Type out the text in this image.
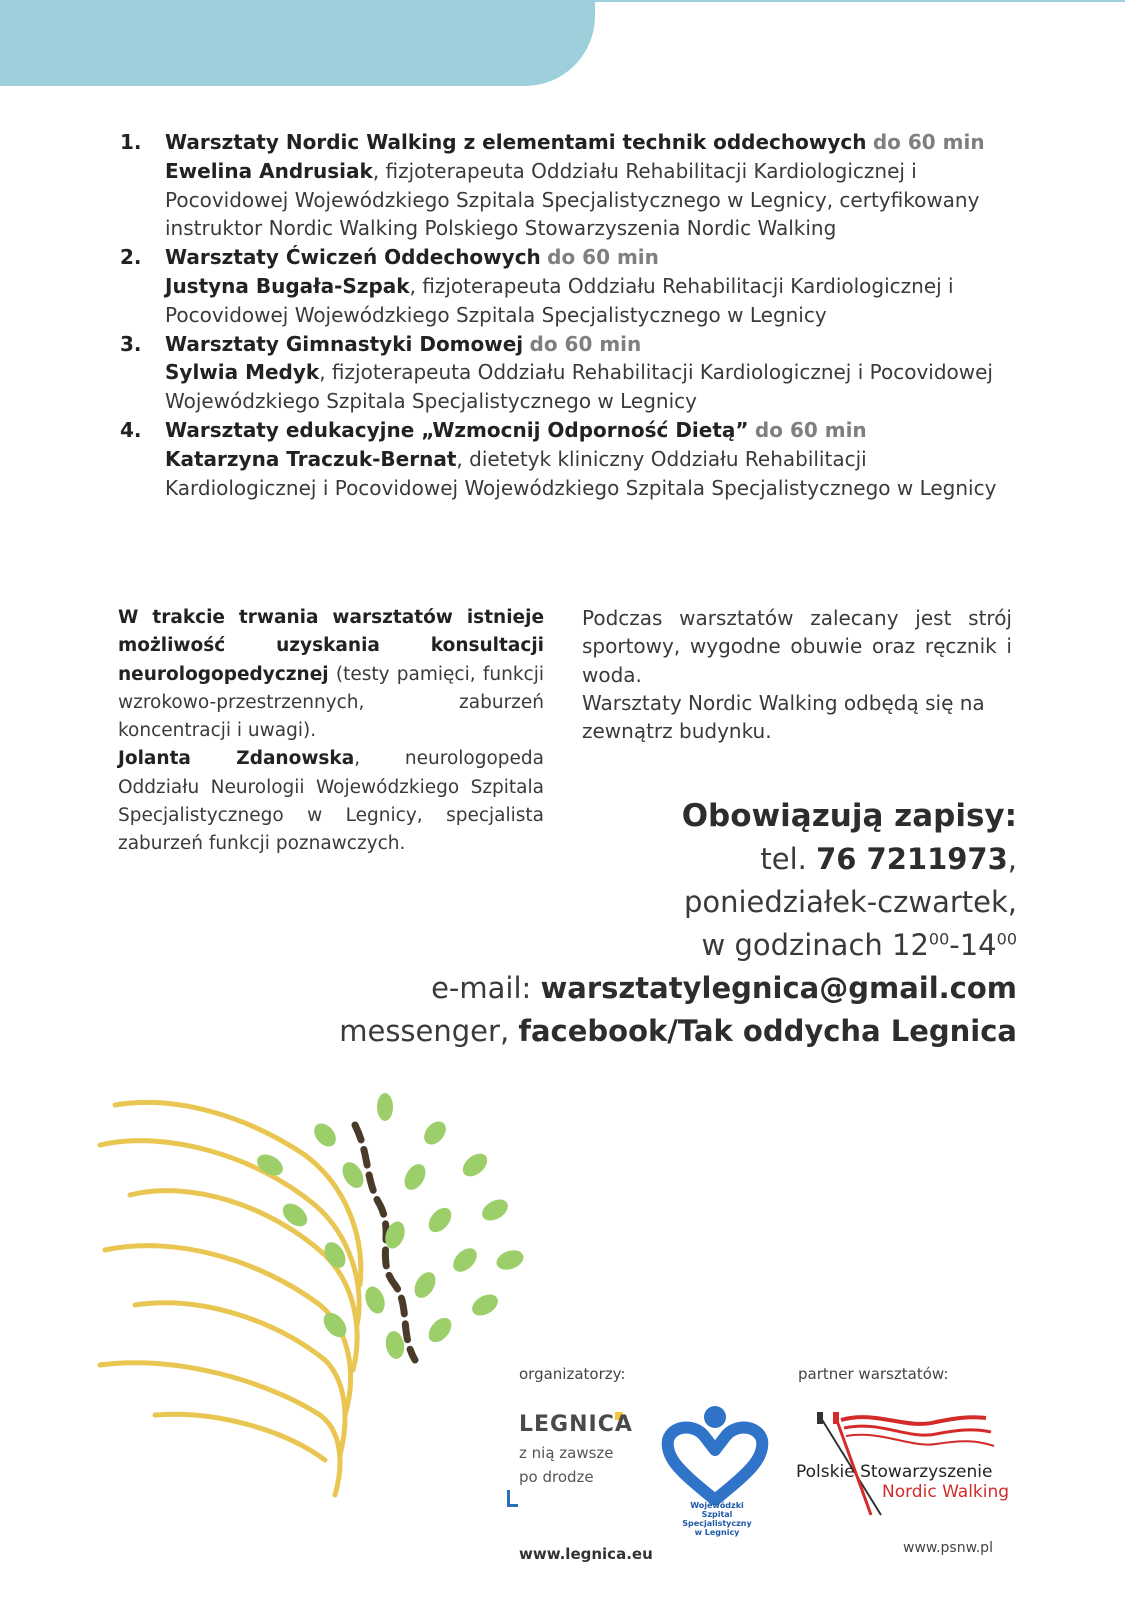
1. Warsztaty Nordic Walking z elementami technik oddechowych do 60 min
Ewelina Andrusiak, fizjoterapeuta Oddziału Rehabilitacji Kardiologicznej i Pocovidowej Wojewódzkiego Szpitala Specjalistycznego w Legnicy, certyfikowany instruktor Nordic Walking Polskiego Stowarzyszenia Nordic Walking
2. Warsztaty Ćwiczeń Oddechowych do 60 min
Justyna Bugała-Szpak, fizjoterapeuta Oddziału Rehabilitacji Kardiologicznej i Pocovidowej Wojewódzkiego Szpitala Specjalistycznego w Legnicy
3. Warsztaty Gimnastyki Domowej do 60 min
Sylwia Medyk, fizjoterapeuta Oddziału Rehabilitacji Kardiologicznej i Pocovidowej Wojewódzkiego Szpitala Specjalistycznego w Legnicy
4. Warsztaty edukacyjne „Wzmocnij Odporność Dietą” do 60 min
Katarzyna Traczuk-Bernat, dietetyk kliniczny Oddziału Rehabilitacji Kardiologicznej i Pocovidowej Wojewódzkiego Szpitala Specjalistycznego w Legnicy
W trakcie trwania warsztatów istnieje możliwość uzyskania konsultacji neurologopedycznej (testy pamięci, funkcji wzrokowo-przestrzennych, zaburzeń koncentracji i uwagi).
Jolanta Zdanowska, neurologopeda Oddziału Neurologii Wojewódzkiego Szpitala Specjalistycznego w Legnicy, specjalista zaburzeń funkcji poznawczych.
Podczas warsztatów zalecany jest strój sportowy, wygodne obuwie oraz ręcznik i woda.
Warsztaty Nordic Walking odbędą się na zewnątrz budynku.
Obowiązują zapisy:
tel. 76 7211973,
poniedziałek-czwartek,
w godzinach $12^{00}-14^{00}$
e-mail: warsztatylegnica@gmail.com
messenger, facebook/Tak oddycha Legnica
organizatorzy:	partner warsztatów:
LEGNICA
z nią zawsze
po drodze
www.legnica.eu
Wojewódzki
Szpital
Specjalistyczny
w Legnicy
Polskie Stowarzyszenie
Nordic Walking
www.psnw.pl
